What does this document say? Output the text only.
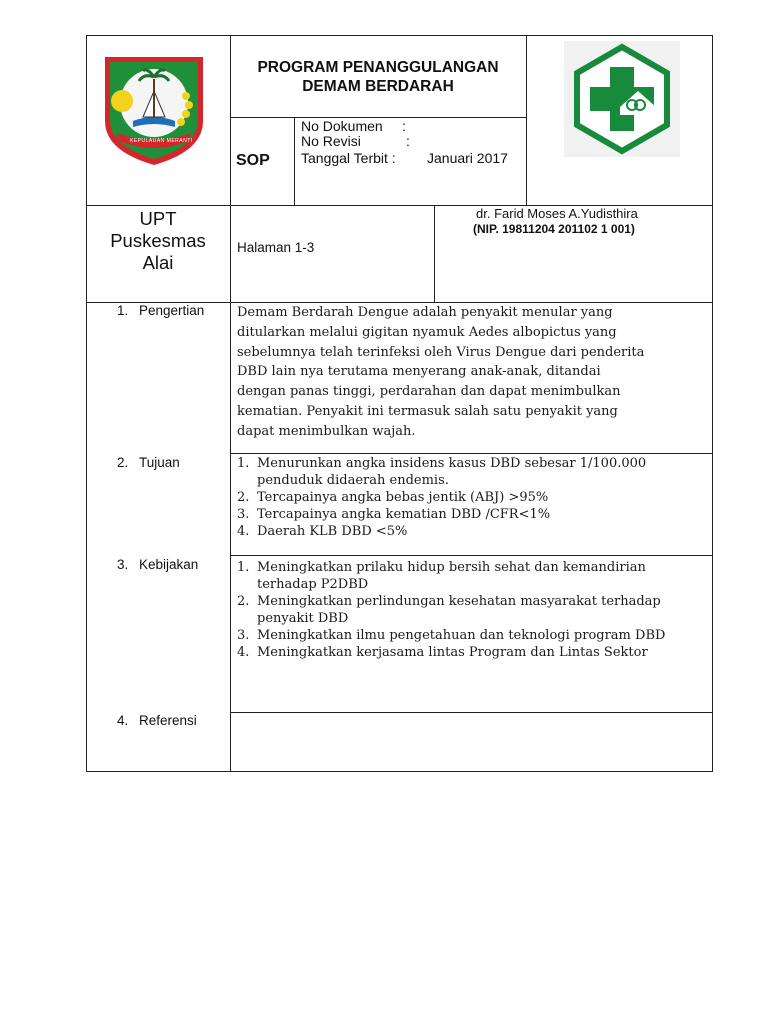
KEPULAUAN MERANTI
PROGRAM PENANGGULANGAN
DEMAM BERDARAH
SOP
No Dokumen :
No Revisi	:
Tanggal Terbit : Januari 2017
UPT
Puskesmas
Alai
Halaman 1-3
dr. Farid Moses A.Yudisthira
(NIP. 19811204 201102 1 001)
1. Pengertian	Demam Berdarah Dengue adalah penyakit menular yang
ditularkan melalui gigitan nyamuk Aedes albopictus yang
sebelumnya telah terinfeksi oleh Virus Dengue dari penderita
DBD lain nya terutama menyerang anak-anak, ditandai
dengan panas tinggi, perdarahan dan dapat menimbulkan
kematian. Penyakit ini termasuk salah satu penyakit yang
dapat menimbulkan wajah.
2. Tujuan	1. Menurunkan angka insidens kasus DBD sebesar 1/100.000 penduduk didaerah endemis.
2. Tercapainya angka bebas jentik (ABJ) >95%
3. Tercapainya angka kematian DBD /CFR<1%
4. Daerah KLB DBD <5%
3. Kebijakan	1. Meningkatkan prilaku hidup bersih sehat dan kemandirian terhadap P2DBD
2. Meningkatkan perlindungan kesehatan masyarakat terhadap penyakit DBD
3. Meningkatkan ilmu pengetahuan dan teknologi program DBD
4. Meningkatkan kerjasama lintas Program dan Lintas Sektor
4. Referensi
